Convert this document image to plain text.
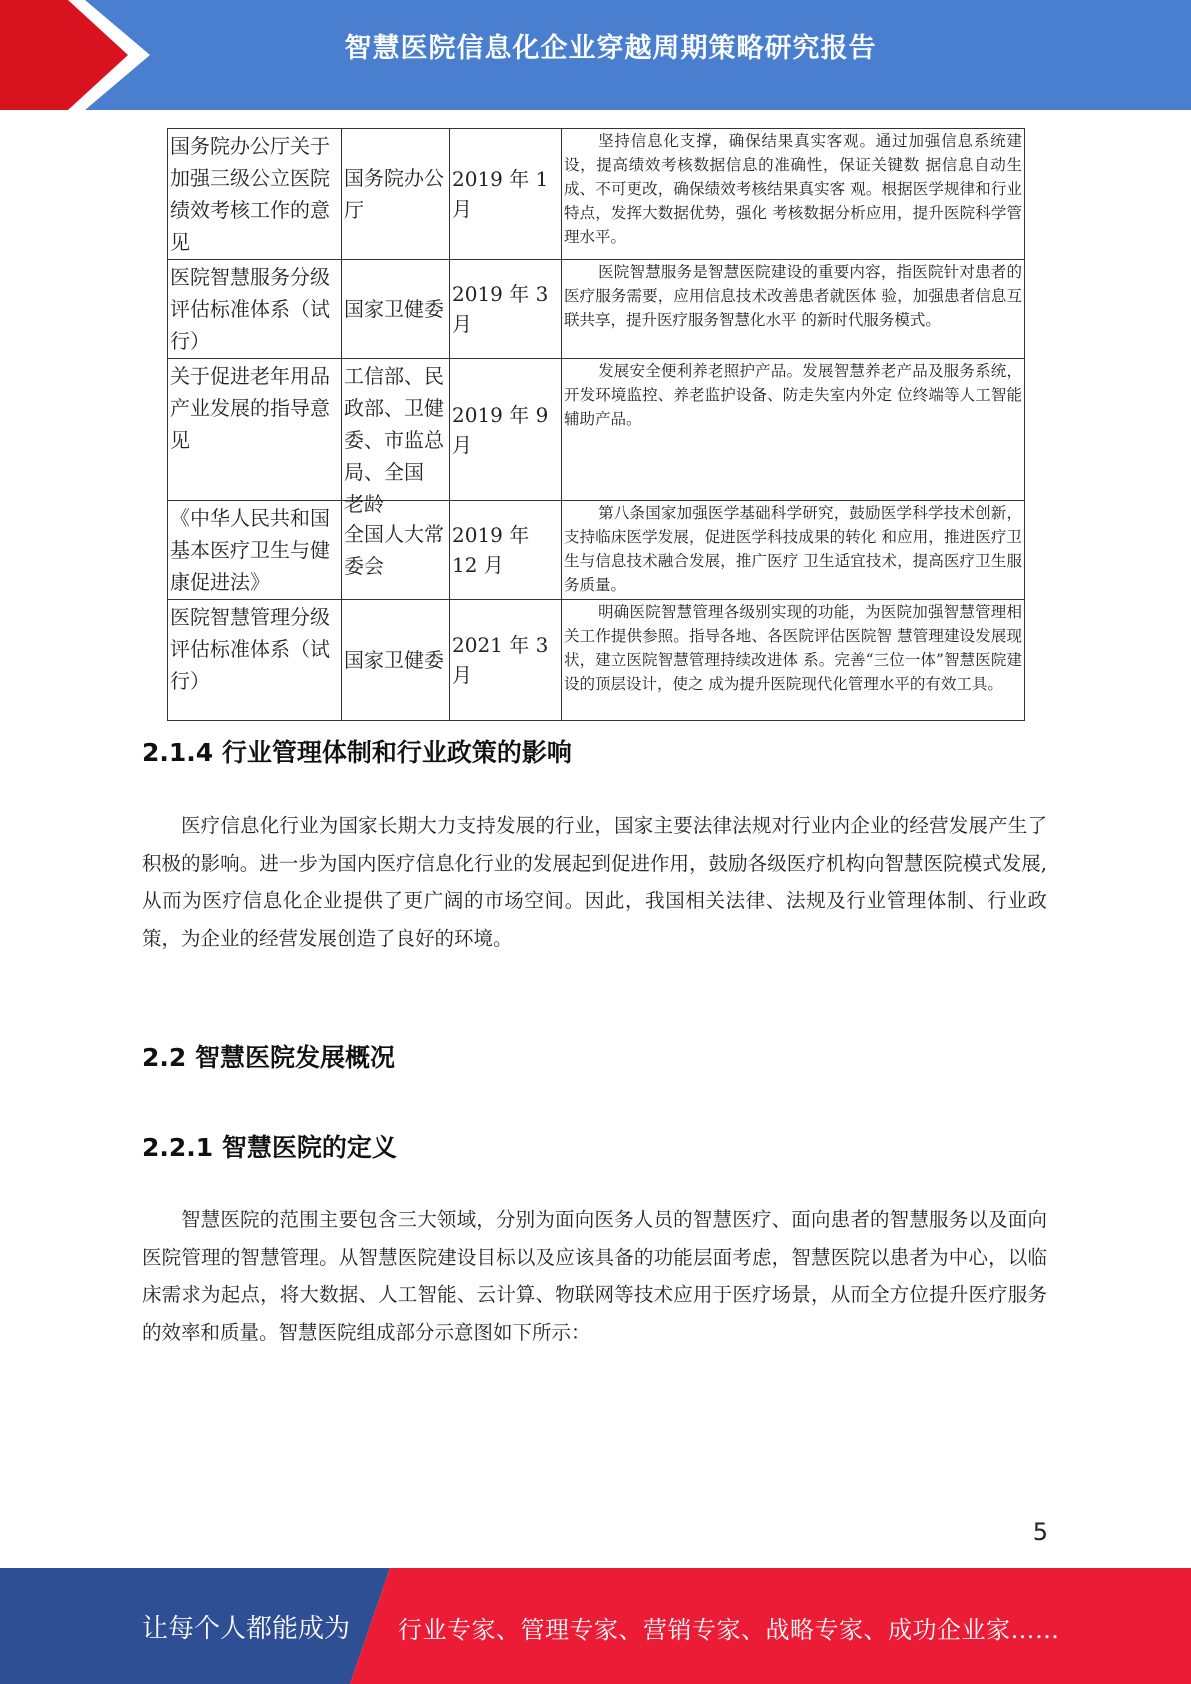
智慧医院信息化企业穿越周期策略研究报告
国务院办公厅关于加强三级公立医院绩效考核工作的意见	国务院办公厅	2019 年 1 月	坚持信息化支撑，确保结果真实客观。通过加强信息系统建设，提高绩效考核数据信息的准确性，保证关键数 据信息自动生成、不可更改，确保绩效考核结果真实客 观。根据医学规律和行业特点，发挥大数据优势，强化 考核数据分析应用，提升医院科学管理水平。
医院智慧服务分级评估标准体系（试行）	国家卫健委	2019 年 3 月	医院智慧服务是智慧医院建设的重要内容，指医院针对患者的医疗服务需要，应用信息技术改善患者就医体 验，加强患者信息互联共享，提升医疗服务智慧化水平 的新时代服务模式。
关于促进老年用品产业发展的指导意见	工信部、民政部、卫健委、市监总 局、全国 老龄	2019 年 9 月	发展安全便利养老照护产品。发展智慧养老产品及服务系统，开发环境监控、养老监护设备、防走失室内外定 位终端等人工智能辅助产品。
《中华人民共和国基本医疗卫生与健康促进法》	全国人大常委会	2019 年 12 月	第八条国家加强医学基础科学研究，鼓励医学科学技术创新，支持临床医学发展，促进医学科技成果的转化 和应用，推进医疗卫生与信息技术融合发展，推广医疗 卫生适宜技术，提高医疗卫生服务质量。
医院智慧管理分级评估标准体系（试行）	国家卫健委	2021 年 3 月	明确医院智慧管理各级别实现的功能，为医院加强智慧管理相关工作提供参照。指导各地、各医院评估医院智 慧管理建设发展现状，建立医院智慧管理持续改进体 系。完善“三位一体”智慧医院建设的顶层设计，使之 成为提升医院现代化管理水平的有效工具。
2.1.4 行业管理体制和行业政策的影响

医疗信息化行业为国家长期大力支持发展的行业，国家主要法律法规对行业内企业的经营发展产生了积极的影响。进一步为国内医疗信息化行业的发展起到促进作用，鼓励各级医疗机构向智慧医院模式发展,从而为医疗信息化企业提供了更广阔的市场空间。因此，我国相关法律、法规及行业管理体制、行业政策，为企业的经营发展创造了良好的环境。

2.2 智慧医院发展概况
2.2.1 智慧医院的定义

智慧医院的范围主要包含三大领域，分别为面向医务人员的智慧医疗、面向患者的智慧服务以及面向医院管理的智慧管理。从智慧医院建设目标以及应该具备的功能层面考虑，智慧医院以患者为中心，以临床需求为起点，将大数据、人工智能、云计算、物联网等技术应用于医疗场景，从而全方位提升医疗服务的效率和质量。智慧医院组成部分示意图如下所示：

5
让每个人都能成为 行业专家、管理专家、营销专家、战略专家、成功企业家……
